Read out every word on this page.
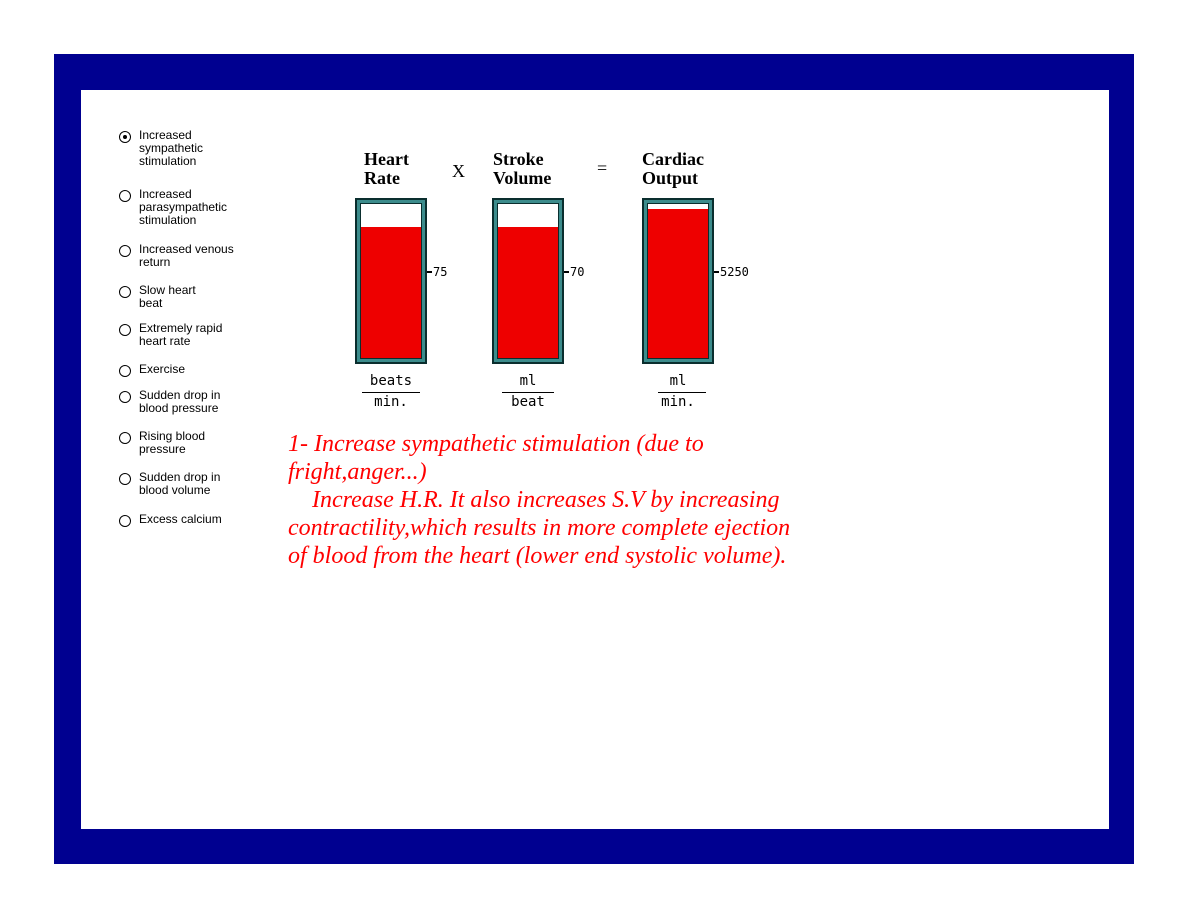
Increased
sympathetic
stimulation
Increased
parasympathetic
stimulation
Increased venous
return
Slow heart
beat
Extremely rapid
heart rate
Exercise
Sudden drop in
blood pressure
Rising blood
pressure
Sudden drop in
blood volume
Excess calcium
Heart
Rate	X
Stroke
Volume	= Cardiac
Output
75	70	5250
beats
min.
ml
beat
ml
min.
1- Increase sympathetic stimulation (due to
fright,anger...)
Increase H.R. It also increases S.V by increasing
contractility,which results in more complete ejection
of blood from the heart (lower end systolic volume).
